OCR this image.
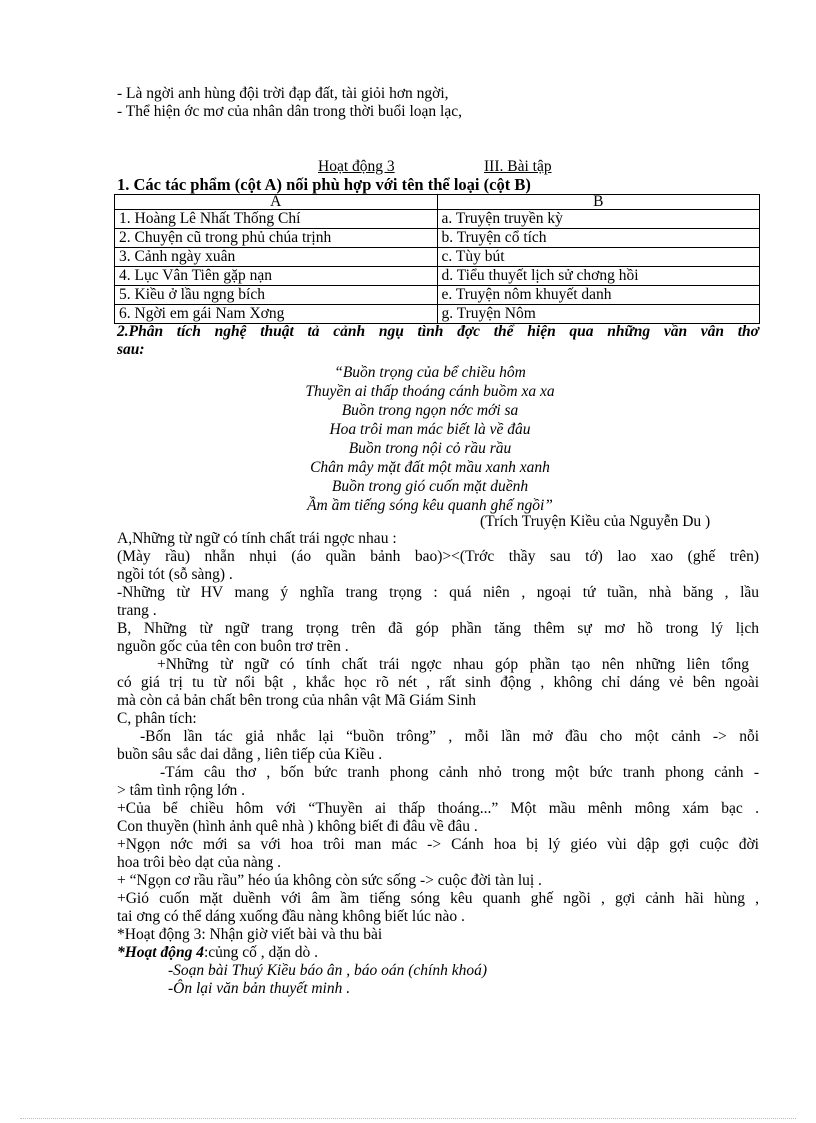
- Là ngời anh hùng đội trời đạp đất, tài giỏi hơn ngời,
- Thể hiện ớc mơ của nhân dân trong thời buổi loạn lạc,
Hoạt động 3	III. Bài tập
1. Các tác phẩm (cột A) nối phù hợp với tên thể loại (cột B)
A	B
1. Hoàng Lê Nhất Thống Chí	a. Truyện truyền kỳ
2. Chuyện cũ trong phủ chúa trịnh	b. Truyện cổ tích
3. Cảnh ngày xuân	c. Tùy bút
4. Lục Vân Tiên gặp nạn	d. Tiểu thuyết lịch sử chơng hồi
5. Kiều ở lầu ngng bích	e. Truyện nôm khuyết danh
6. Ngời em gái Nam Xơng	g. Truyện Nôm
2.Phân tích nghệ thuật tả cảnh ngụ tình đợc thể hiện qua những vần vân thơ
sau:
“Buồn trọng của bể chiều hôm
Thuyền ai thấp thoáng cánh buồm xa xa
Buồn trong ngọn nớc mới sa
Hoa trôi man mác biết là về đâu
Buồn trong nội cỏ rầu rầu
Chân mây mặt đất một mầu xanh xanh
Buồn trong gió cuốn mặt duềnh
Ầm ầm tiếng sóng kêu quanh ghế ngồi”
(Trích Truyện Kiều của Nguyễn Du )
A,Những từ ngữ có tính chất trái ngợc nhau :
(Mày rầu) nhẵn nhụi (áo quần bảnh bao)><(Trớc thầy sau tớ) lao xao (ghế trên)
ngồi tót (sỗ sàng) .
-Những từ HV mang ý nghĩa trang trọng : quá niên , ngoại tứ tuần, nhà băng , lầu
trang .
B, Những từ ngữ trang trọng trên đã góp phần tăng thêm sự mơ hồ trong lý lịch
nguồn gốc của tên con buôn trơ trẽn .
+Những từ ngữ có tính chất trái ngợc nhau góp phần tạo nên những liên tổng
có giá trị tu từ nổi bật , khắc học rõ nét , rất sinh động , không chỉ dáng vẻ bên ngoài
mà còn cả bản chất bên trong của nhân vật Mã Giám Sinh
C, phân tích:
-Bốn lần tác giả nhắc lại “buồn trông” , mỗi lần mở đầu cho một cảnh -> nỗi
buồn sâu sắc dai dẳng , liên tiếp của Kiều .
-Tám câu thơ , bốn bức tranh phong cảnh nhỏ trong một bức tranh phong cảnh -
> tâm tình rộng lớn .
+Của bể chiều hôm với “Thuyền ai thấp thoáng...” Một mầu mênh mông xám bạc .
Con thuyền (hình ảnh quê nhà ) không biết đi đâu về đâu .
+Ngọn nớc mới sa với hoa trôi man mác -> Cánh hoa bị lý giéo vùi dập gợi cuộc đời
hoa trôi bèo dạt của nàng .
+ “Ngọn cơ rầu rầu” héo úa không còn sức sống -> cuộc đời tàn luị .
+Gió cuốn mặt duềnh với âm ầm tiếng sóng kêu quanh ghế ngồi , gợi cảnh hãi hùng ,
tai ơng có thể dáng xuống đầu nàng không biết lúc nào .
*Hoạt động 3: Nhận giờ viết bài và thu bài
*Hoạt động 4:củng cố , dặn dò .
-Soạn bài Thuý Kiều báo ân , báo oán (chính khoá)
-Ôn lại văn bản thuyết minh .
